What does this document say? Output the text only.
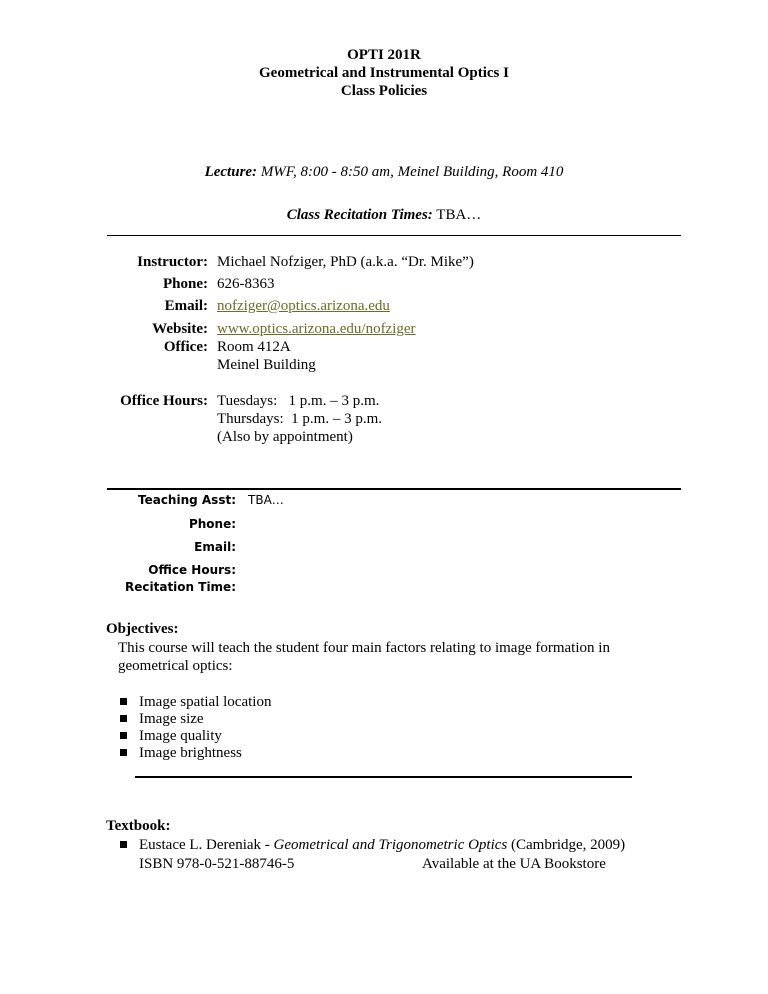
OPTI 201R
Geometrical and Instrumental Optics I
Class Policies
Lecture: MWF, 8:00 - 8:50 am, Meinel Building, Room 410
Class Recitation Times: TBA…
Instructor: Michael Nofziger, PhD (a.k.a. “Dr. Mike”)
Phone: 626-8363
Email: nofziger@optics.arizona.edu
Website: www.optics.arizona.edu/nofziger
Office: Room 412A
Meinel Building
Office Hours: Tuesdays:   1 p.m. – 3 p.m.
Thursdays:  1 p.m. – 3 p.m.
(Also by appointment)
Teaching Asst: TBA…
Phone:
Email:
Office Hours:
Recitation Time:
Objectives:
This course will teach the student four main factors relating to image formation in
geometrical optics:
Image spatial location
Image size
Image quality
Image brightness
Textbook:
Eustace L. Dereniak - Geometrical and Trigonometric Optics (Cambridge, 2009)
ISBN 978-0-521-88746-5	Available at the UA Bookstore
